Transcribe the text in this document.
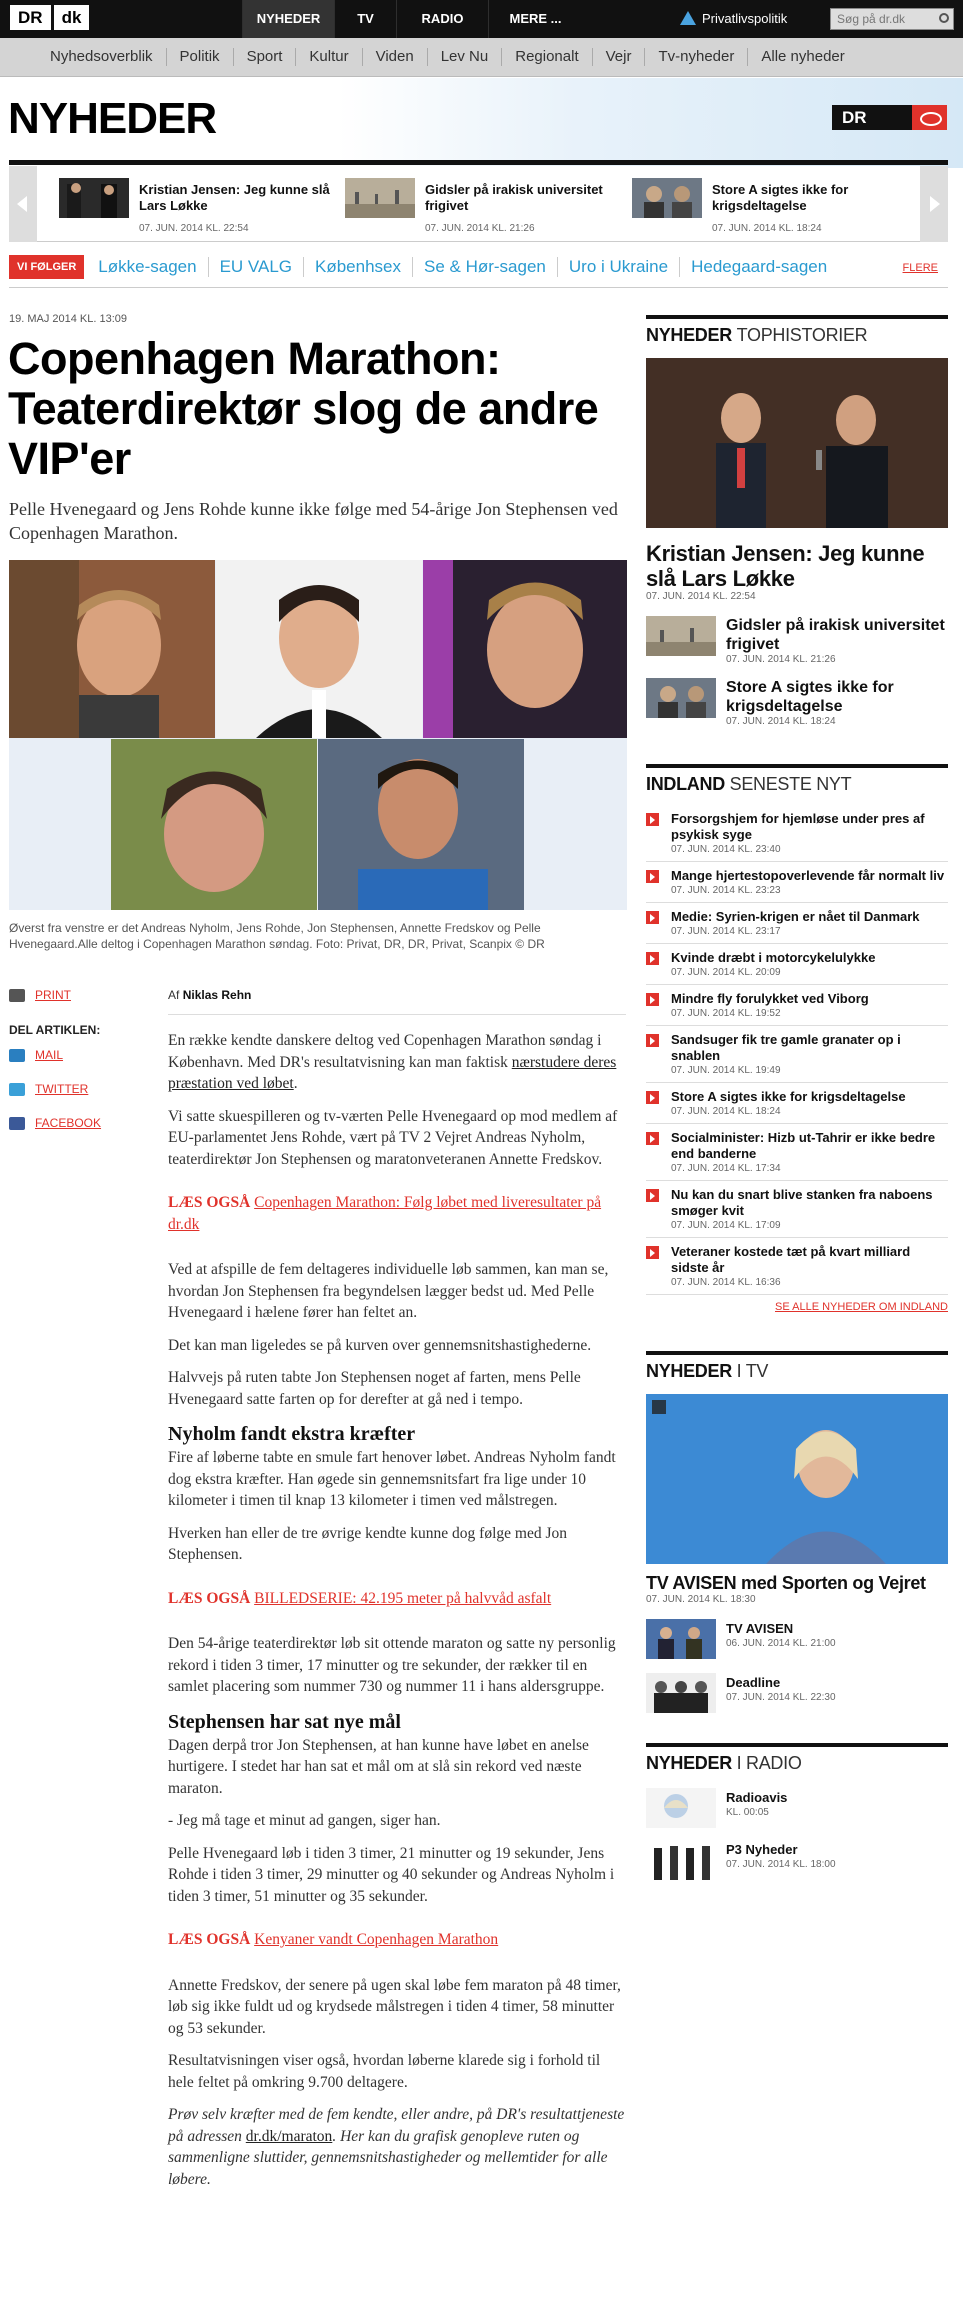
DR	dk	NYHEDER	TV	RADIO	MERE ...	Privatlivspolitik	Søg på dr.dk
Nyhedsoverblik	Politik	Sport	Kultur	Viden	Lev Nu	Regionalt	Vejr	Tv-nyheder	Alle nyheder
NYHEDER	DR
Kristian Jensen: Jeg kunne slå Lars Løkke
07. JUN. 2014 KL. 22:54
Gidsler på irakisk universitet frigivet
07. JUN. 2014 KL. 21:26
Store A sigtes ikke for krigsdeltagelse
07. JUN. 2014 KL. 18:24
VI FØLGER	Løkke-sagen	EU VALG	Københsex	Se & Hør-sagen	Uro i Ukraine	Hedegaard-sagen	FLERE
19. MAJ 2014 KL. 13:09
Copenhagen Marathon: Teaterdirektør slog de andre VIP'er
Pelle Hvenegaard og Jens Rohde kunne ikke følge med 54-årige Jon Stephensen ved Copenhagen Marathon.
Øverst fra venstre er det Andreas Nyholm, Jens Rohde, Jon Stephensen, Annette Fredskov og Pelle Hvenegaard.Alle deltog i Copenhagen Marathon søndag. Foto: Privat, DR, DR, Privat, Scanpix © DR
PRINT
DEL ARTIKLEN:
MAIL
TWITTER
FACEBOOK
Af Niklas Rehn

En række kendte danskere deltog ved Copenhagen Marathon søndag i København. Med DR's resultatvisning kan man faktisk nærstudere deres præstation ved løbet.

Vi satte skuespilleren og tv-værten Pelle Hvenegaard op mod medlem af EU-parlamentet Jens Rohde, vært på TV 2 Vejret Andreas Nyholm, teaterdirektør Jon Stephensen og maratonveteranen Annette Fredskov.

LÆS OGSÅ Copenhagen Marathon: Følg løbet med liveresultater på dr.dk

Ved at afspille de fem deltageres individuelle løb sammen, kan man se, hvordan Jon Stephensen fra begyndelsen lægger bedst ud. Med Pelle Hvenegaard i hælene fører han feltet an.

Det kan man ligeledes se på kurven over gennemsnitshastighederne.

Halvvejs på ruten tabte Jon Stephensen noget af farten, mens Pelle Hvenegaard satte farten op for derefter at gå ned i tempo.

Nyholm fandt ekstra kræfter

Fire af løberne tabte en smule fart henover løbet. Andreas Nyholm fandt dog ekstra kræfter. Han øgede sin gennemsnitsfart fra lige under 10 kilometer i timen til knap 13 kilometer i timen ved målstregen.

Hverken han eller de tre øvrige kendte kunne dog følge med Jon Stephensen.

LÆS OGSÅ BILLEDSERIE: 42.195 meter på halvvåd asfalt

Den 54-årige teaterdirektør løb sit ottende maraton og satte ny personlig rekord i tiden 3 timer, 17 minutter og tre sekunder, der rækker til en samlet placering som nummer 730 og nummer 11 i hans aldersgruppe.

Stephensen har sat nye mål

Dagen derpå tror Jon Stephensen, at han kunne have løbet en anelse hurtigere. I stedet har han sat et mål om at slå sin rekord ved næste maraton.

- Jeg må tage et minut ad gangen, siger han.

Pelle Hvenegaard løb i tiden 3 timer, 21 minutter og 19 sekunder, Jens Rohde i tiden 3 timer, 29 minutter og 40 sekunder og Andreas Nyholm i tiden 3 timer, 51 minutter og 35 sekunder.

LÆS OGSÅ Kenyaner vandt Copenhagen Marathon

Annette Fredskov, der senere på ugen skal løbe fem maraton på 48 timer, løb sig ikke fuldt ud og krydsede målstregen i tiden 4 timer, 58 minutter og 53 sekunder.

Resultatvisningen viser også, hvordan løberne klarede sig i forhold til hele feltet på omkring 9.700 deltagere.

Prøv selv kræfter med de fem kendte, eller andre, på DR's resultattjeneste på adressen dr.dk/maraton. Her kan du grafisk genopleve ruten og sammenligne sluttider, gennemsnitshastigheder og mellemtider for alle løbere.

NYHEDER TOPHISTORIER
Kristian Jensen: Jeg kunne slå Lars Løkke
07. JUN. 2014 KL. 22:54
Gidsler på irakisk universitet frigivet
07. JUN. 2014 KL. 21:26
Store A sigtes ikke for krigsdeltagelse
07. JUN. 2014 KL. 18:24
INDLAND SENESTE NYT
Forsorgshjem for hjemløse under pres af psykisk syge
07. JUN. 2014 KL. 23:40
Mange hjertestopoverlevende får normalt liv
07. JUN. 2014 KL. 23:23
Medie: Syrien-krigen er nået til Danmark
07. JUN. 2014 KL. 23:17
Kvinde dræbt i motorcykelulykke
07. JUN. 2014 KL. 20:09
Mindre fly forulykket ved Viborg
07. JUN. 2014 KL. 19:52
Sandsuger fik tre gamle granater op i snablen
07. JUN. 2014 KL. 19:49
Store A sigtes ikke for krigsdeltagelse
07. JUN. 2014 KL. 18:24
Socialminister: Hizb ut-Tahrir er ikke bedre end banderne
07. JUN. 2014 KL. 17:34
Nu kan du snart blive stanken fra naboens smøger kvit
07. JUN. 2014 KL. 17:09
Veteraner kostede tæt på kvart milliard sidste år
07. JUN. 2014 KL. 16:36
SE ALLE NYHEDER OM INDLAND
NYHEDER I TV
TV AVISEN med Sporten og Vejret
07. JUN. 2014 KL. 18:30
TV AVISEN
06. JUN. 2014 KL. 21:00
Deadline
07. JUN. 2014 KL. 22:30
NYHEDER I RADIO
Radioavis
KL. 00:05
P3 Nyheder
07. JUN. 2014 KL. 18:00
